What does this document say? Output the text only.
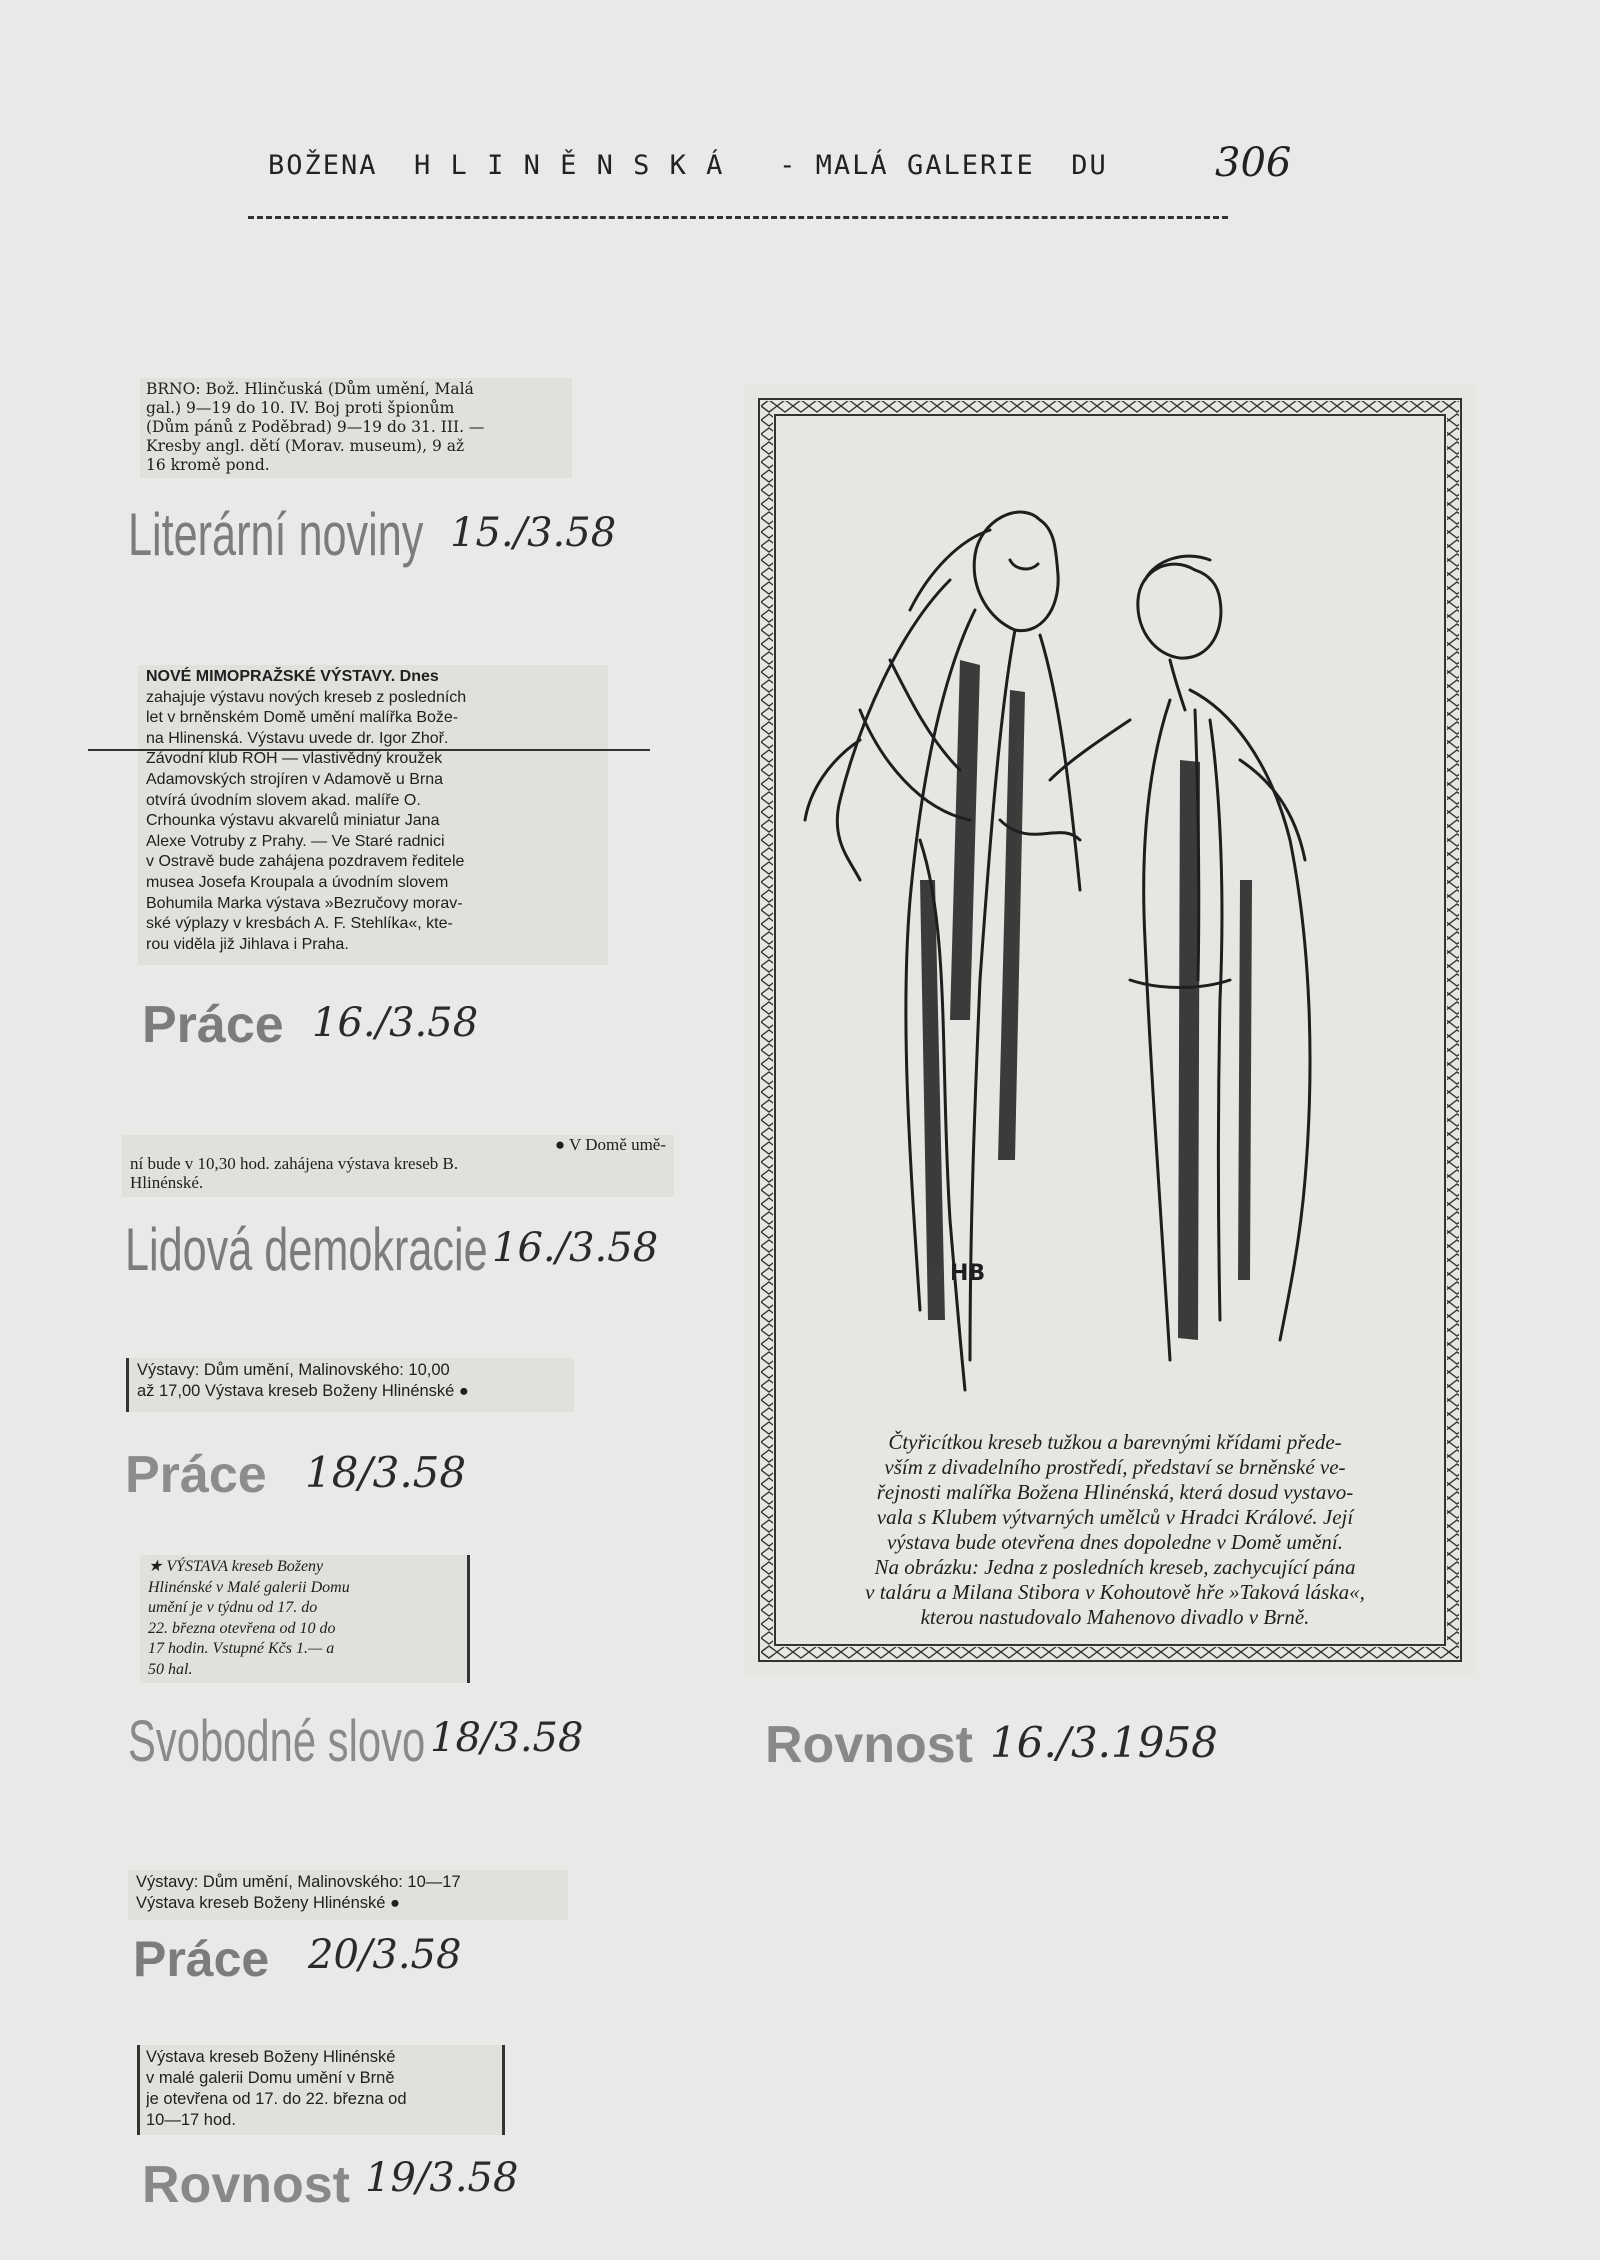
BOŽENA  H L I N Ě N S K Á   - MALÁ GALERIE  DU	306
BRNO: Bož. Hlinčuská (Dům umění, Malá
gal.) 9—19 do 10. IV. Boj proti špionům
(Dům pánů z Poděbrad) 9—19 do 31. III. —
Kresby angl. dětí (Morav. museum), 9 až
16 kromě pond.
Literární noviny 15./3.58
NOVÉ MIMOPRAŽSKÉ VÝSTAVY. Dnes
zahajuje výstavu nových kreseb z posledních
let v brněnském Domě umění malířka Bože-
na Hlinenská. Výstavu uvede dr. Igor Zhoř.
Závodní klub ROH — vlastivědný kroužek
Adamovských strojíren v Adamově u Brna
otvírá úvodním slovem akad. malíře O.
Crhounka výstavu akvarelů miniatur Jana
Alexe Votruby z Prahy. — Ve Staré radnici
v Ostravě bude zahájena pozdravem ředitele
musea Josefa Kroupala a úvodním slovem
Bohumila Marka výstava »Bezručovy morav-
ské výplazy v kresbách A. F. Stehlíka«, kte-
rou viděla již Jihlava i Praha.
Práce 16./3.58
● V Domě umě-
ní bude v 10,30 hod. zahájena výstava kreseb B.
Hlinénské.
Lidová demokracie 16./3.58
Výstavy: Dům umění, Malinovského: 10,00
až 17,00 Výstava kreseb Boženy Hlinénské ●
Práce 18/3.58
★ VÝSTAVA kreseb Boženy
Hlinénské v Malé galerii Domu
umění je v týdnu od 17. do
22. března otevřena od 10 do
17 hodin. Vstupné Kčs 1.— a
50 hal.
Svobodné slovo 18/3.58
Výstavy: Dům umění, Malinovského: 10—17
Výstava kreseb Boženy Hlinénské ●
Práce 20/3.58
Výstava kreseb Boženy Hlinénské
v malé galerii Domu umění v Brně
je otevřena od 17. do 22. března od
10—17 hod.
Rovnost 19/3.58
HB
Čtyřicítkou kreseb tužkou a barevnými křídami přede-
vším z divadelního prostředí, představí se brněnské ve-
řejnosti malířka Božena Hlinénská, která dosud vystavo-
vala s Klubem výtvarných umělců v Hradci Králové. Její
výstava bude otevřena dnes dopoledne v Domě umění.
Na obrázku: Jedna z posledních kreseb, zachycující pána
v taláru a Milana Stibora v Kohoutově hře »Taková láska«,
kterou nastudovalo Mahenovo divadlo v Brně.
Rovnost 16./3.1958
